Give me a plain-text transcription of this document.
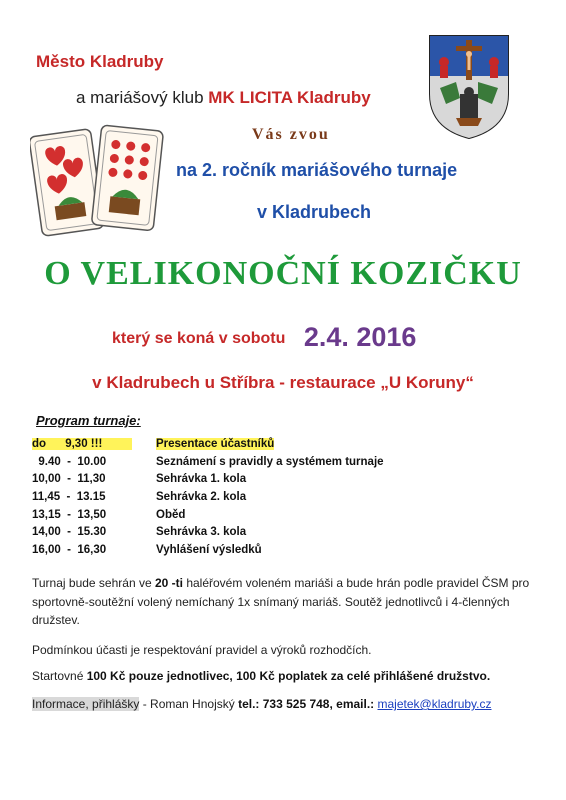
Město Kladruby
a mariášový klub MK LICITA Kladruby
Vás zvou
na 2. ročník mariášového turnaje
v Kladrubech
O VELIKONOČNÍ KOZIČKU
který se koná v sobotu 2.4. 2016
v Kladrubech u Stříbra - restaurace „U Koruny“
Program turnaje:
do      9,30 !!!	Presentace účastníků
9.40  -  10.00	Seznámení s pravidly a systémem turnaje
10,00  -  11,30	Sehrávka 1. kola
11,45  -  13.15	Sehrávka 2. kola
13,15  -  13,50	Oběd
14,00  -  15.30	Sehrávka 3. kola
16,00  -  16,30	Vyhlášení výsledků
Turnaj bude sehrán ve 20 -ti haléřovém voleném mariáši a bude hrán podle pravidel ČSM pro sportovně-soutěžní volený nemíchaný 1x snímaný mariáš. Soutěž jednotlivců i 4-členných družstev.
Podmínkou účasti je respektování pravidel a výroků rozhodčích.
Startovné 100 Kč pouze jednotlivec, 100 Kč poplatek za celé přihlášené družstvo.
Informace, přihlášky - Roman Hnojský tel.: 733 525 748, email.: majetek@kladruby.cz
